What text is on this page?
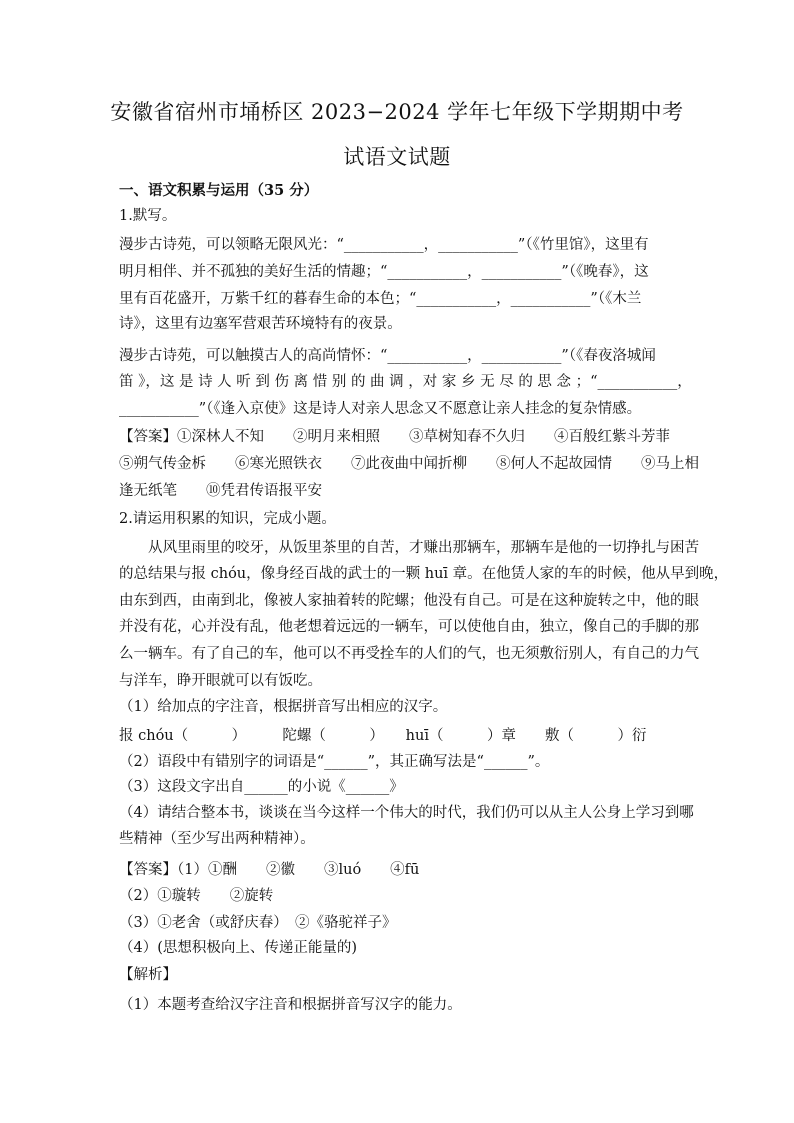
安徽省宿州市埇桥区 2023−2024 学年七年级下学期期中考
试语文试题
一、语文积累与运用（35 分）
1.默写。
漫步古诗苑，可以领略无限风光：“___________，___________”（《竹里馆》，这里有
明月相伴、并不孤独的美好生活的情趣；“___________，___________”（《晚春》，这
里有百花盛开，万紫千红的暮春生命的本色；“___________，___________”（《木兰
诗》，这里有边塞军营艰苦环境特有的夜景。
漫步古诗苑，可以触摸古人的高尚情怀：“___________，___________”（《春夜洛城闻
笛 》，这 是 诗 人 听 到 伤 离 惜 别 的 曲 调 ，对 家 乡 无 尽 的 思 念 ；“___________，
___________”（《逢入京使》这是诗人对亲人思念又不愿意让亲人挂念的复杂情感。
【答案】①深林人不知　　②明月来相照　　③草树知春不久归　　④百般红紫斗芳菲
⑤朔气传金柝　　⑥寒光照铁衣　　⑦此夜曲中闻折柳　　⑧何人不起故园情　　⑨马上相
逢无纸笔　　⑩凭君传语报平安
2.请运用积累的知识，完成小题。
　　从风里雨里的咬牙，从饭里茶里的自苦，才赚出那辆车，那辆车是他的一切挣扎与困苦
的总结果与报 chóu，像身经百战的武士的一颗 huī 章。在他赁人家的车的时候，他从早到晚，
由东到西，由南到北，像被人家抽着转的陀螺；他没有自己。可是在这种旋转之中，他的眼
并没有花，心并没有乱，他老想着远远的一辆车，可以使他自由，独立，像自己的手脚的那
么一辆车。有了自己的车，他可以不再受拴车的人们的气，也无须敷衍别人，有自己的力气
与洋车，睁开眼就可以有饭吃。
（1）给加点的字注音，根据拼音写出相应的汉字。
报 chóu（　　　）　　　陀螺（　　　）　　huī（　　　）章　　敷（　　　）衍
（2）语段中有错别字的词语是“______”，其正确写法是“______”。
（3）这段文字出自______的小说《______》
（4）请结合整本书，谈谈在当今这样一个伟大的时代，我们仍可以从主人公身上学习到哪
些精神（至少写出两种精神）。
【答案】（1）①酬　　②徽　　③luó　　④fū
（2）①璇转　　②旋转
（3）①老舍（或舒庆春）　②《骆驼祥子》
（4）(思想积极向上、传递正能量的)
【解析】
（1）本题考查给汉字注音和根据拼音写汉字的能力。
